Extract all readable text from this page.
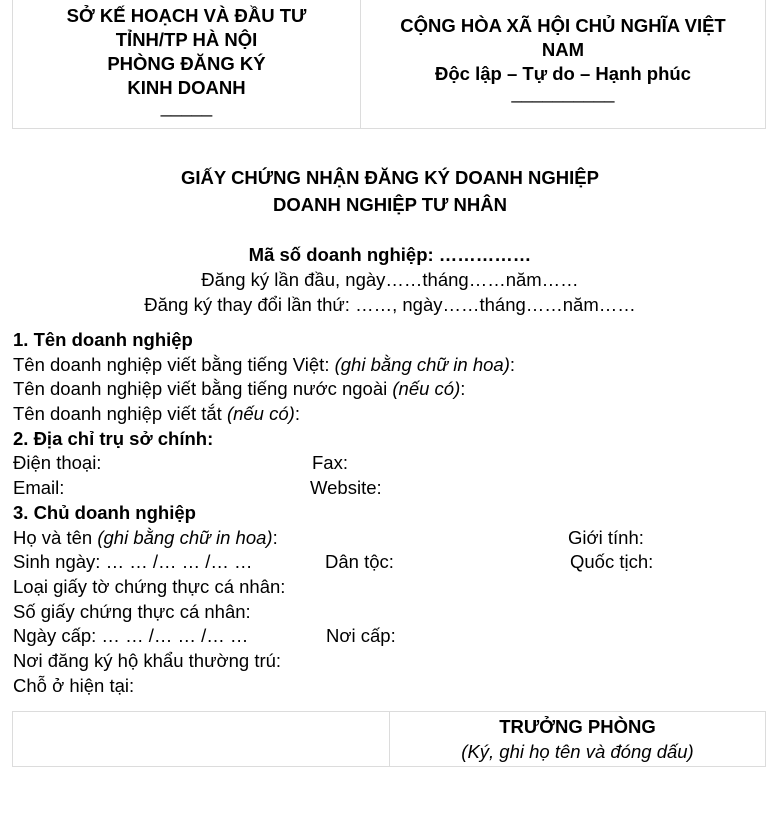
SỞ KẾ HOẠCH VÀ ĐẦU TƯ
TỈNH/TP HÀ NỘI
PHÒNG ĐĂNG KÝ
KINH DOANH
_____
CỘNG HÒA XÃ HỘI CHỦ NGHĨA VIỆT
NAM
Độc lập – Tự do – Hạnh phúc
__________
GIẤY CHỨNG NHẬN ĐĂNG KÝ DOANH NGHIỆP
DOANH NGHIỆP TƯ NHÂN
Mã số doanh nghiệp: ……………
Đăng ký lần đầu, ngày……tháng……năm……
Đăng ký thay đổi lần thứ: ……, ngày……tháng……năm……
1. Tên doanh nghiệp
Tên doanh nghiệp viết bằng tiếng Việt: (ghi bằng chữ in hoa):
Tên doanh nghiệp viết bằng tiếng nước ngoài (nếu có):
Tên doanh nghiệp viết tắt (nếu có):
2. Địa chỉ trụ sở chính:
Điện thoại:	Fax:
Email:	Website:
3. Chủ doanh nghiệp
Họ và tên (ghi bằng chữ in hoa):	Giới tính:
Sinh ngày: … … /… … /… …	Dân tộc:	Quốc tịch:
Loại giấy tờ chứng thực cá nhân:
Số giấy chứng thực cá nhân:
Ngày cấp: … … /… … /… …	Nơi cấp:
Nơi đăng ký hộ khẩu thường trú:
Chỗ ở hiện tại:
TRƯỞNG PHÒNG
(Ký, ghi họ tên và đóng dấu)
